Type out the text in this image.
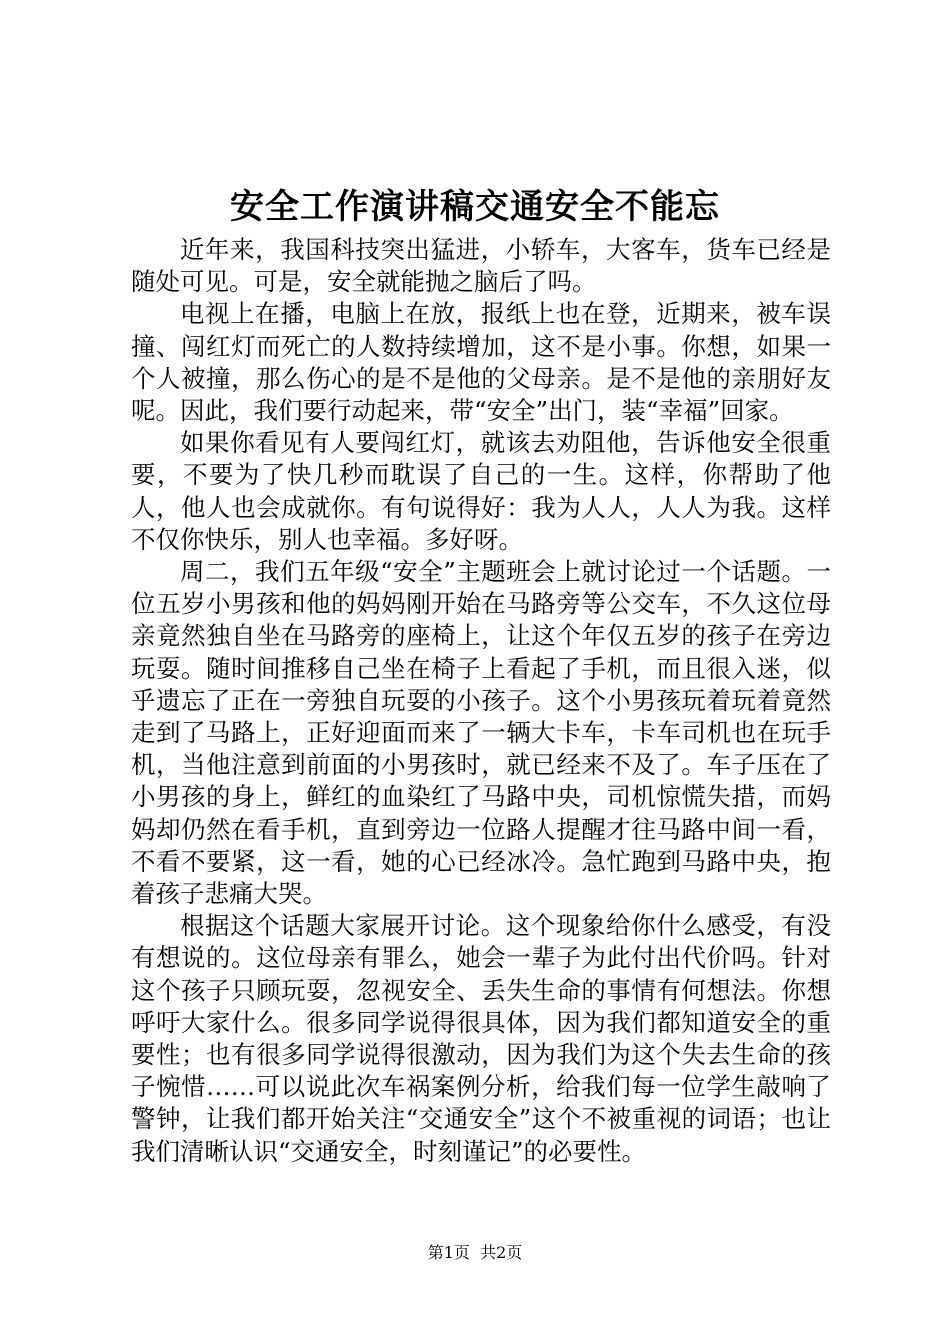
安全工作演讲稿交通安全不能忘

近年来，我国科技突出猛进，小轿车，大客车，货车已经是随处可见。可是，安全就能抛之脑后了吗。

电视上在播，电脑上在放，报纸上也在登，近期来，被车误撞、闯红灯而死亡的人数持续增加，这不是小事。你想，如果一个人被撞，那么伤心的是不是他的父母亲。是不是他的亲朋好友呢。因此，我们要行动起来，带“安全”出门，装“幸福”回家。

如果你看见有人要闯红灯，就该去劝阻他，告诉他安全很重要，不要为了快几秒而耽误了自己的一生。这样，你帮助了他人，他人也会成就你。有句说得好：我为人人，人人为我。这样不仅你快乐，别人也幸福。多好呀。

周二，我们五年级“安全”主题班会上就讨论过一个话题。一位五岁小男孩和他的妈妈刚开始在马路旁等公交车，不久这位母亲竟然独自坐在马路旁的座椅上，让这个年仅五岁的孩子在旁边玩耍。随时间推移自己坐在椅子上看起了手机，而且很入迷，似乎遗忘了正在一旁独自玩耍的小孩子。这个小男孩玩着玩着竟然走到了马路上，正好迎面而来了一辆大卡车，卡车司机也在玩手机，当他注意到前面的小男孩时，就已经来不及了。车子压在了小男孩的身上，鲜红的血染红了马路中央，司机惊慌失措，而妈妈却仍然在看手机，直到旁边一位路人提醒才往马路中间一看，不看不要紧，这一看，她的心已经冰冷。急忙跑到马路中央，抱着孩子悲痛大哭。

根据这个话题大家展开讨论。这个现象给你什么感受，有没有想说的。这位母亲有罪么，她会一辈子为此付出代价吗。针对这个孩子只顾玩耍，忽视安全、丢失生命的事情有何想法。你想呼吁大家什么。很多同学说得很具体，因为我们都知道安全的重要性；也有很多同学说得很激动，因为我们为这个失去生命的孩子惋惜……可以说此次车祸案例分析，给我们每一位学生敲响了警钟，让我们都开始关注“交通安全”这个不被重视的词语；也让我们清晰认识“交通安全，时刻谨记”的必要性。

第1页  共2页
